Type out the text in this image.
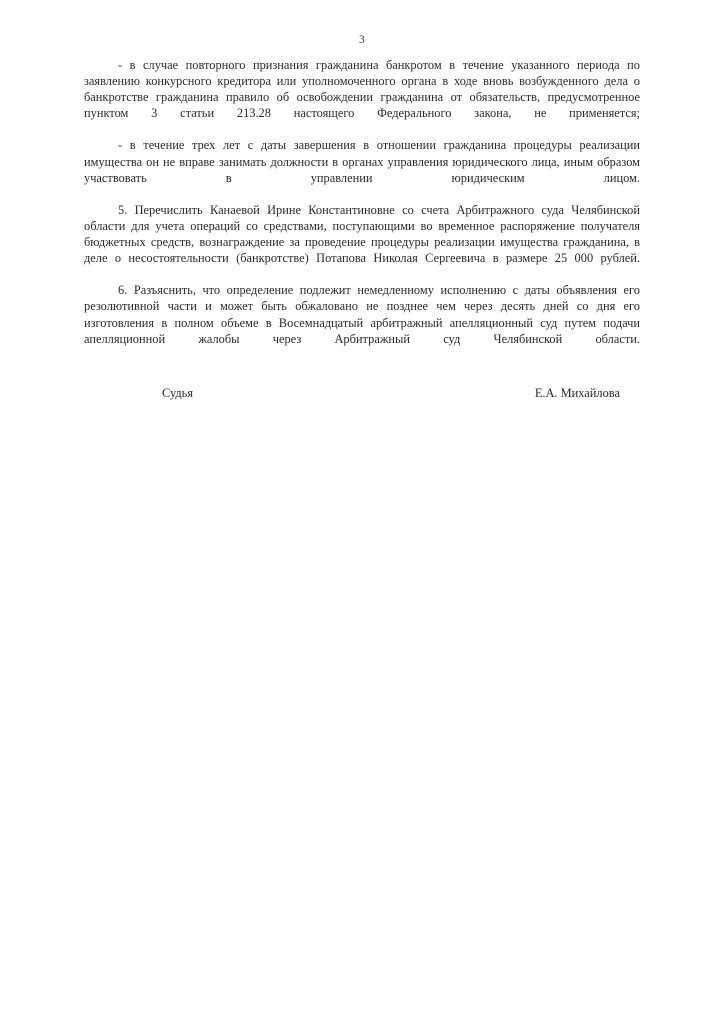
3

- в случае повторного признания гражданина банкротом в течение указанного периода по заявлению конкурсного кредитора или уполномоченного органа в ходе вновь возбужденного дела о банкротстве гражданина правило об освобождении гражданина от обязательств, предусмотренное пунктом 3 статьи 213.28 настоящего Федерального закона, не применяется;

- в течение трех лет с даты завершения в отношении гражданина процедуры реализации имущества он не вправе занимать должности в органах управления юридического лица, иным образом участвовать в управлении юридическим лицом.

5. Перечислить Канаевой Ирине Константиновне со счета Арбитражного суда Челябинской области для учета операций со средствами, поступающими во временное распоряжение получателя бюджетных средств, вознаграждение за проведение процедуры реализации имущества гражданина, в деле о несостоятельности (банкротстве) Потапова Николая Сергеевича в размере 25 000 рублей.

6. Разъяснить, что определение подлежит немедленному исполнению с даты объявления его резолютивной части и может быть обжаловано не позднее чем через десять дней со дня его изготовления в полном объеме в Восемнадцатый арбитражный апелляционный суд путем подачи апелляционной жалобы через Арбитражный суд Челябинской области.

Судья	Е.А. Михайлова
